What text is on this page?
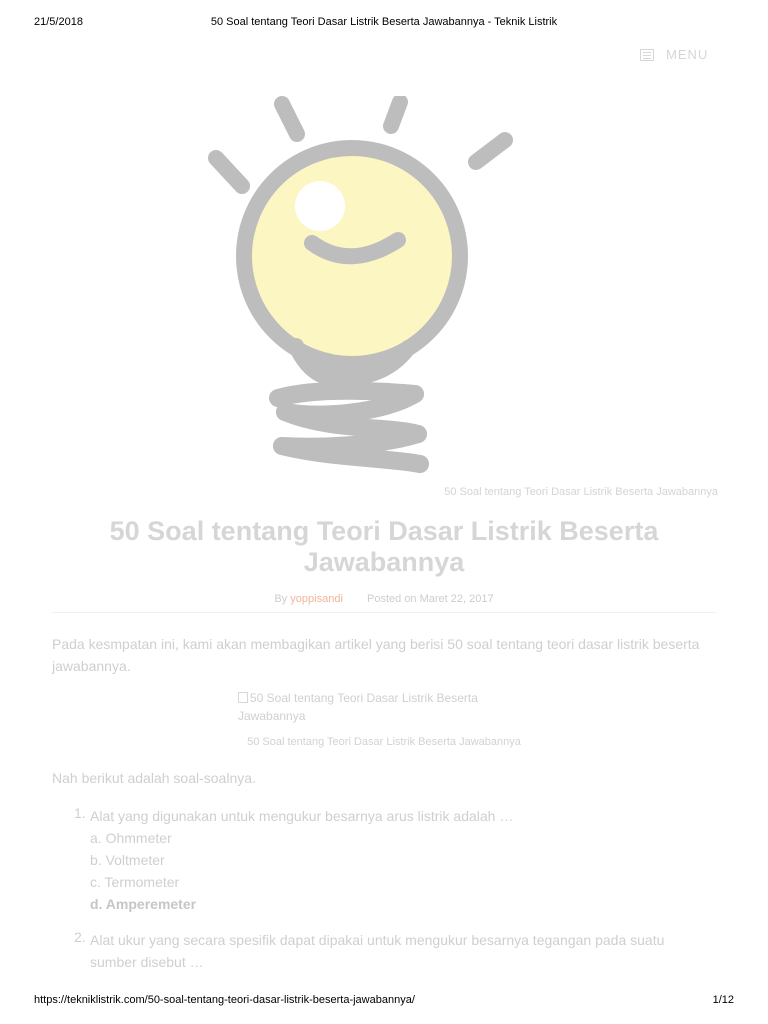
21/5/2018	50 Soal tentang Teori Dasar Listrik Beserta Jawabannya - Teknik Listrik
MENU
50 Soal tentang Teori Dasar Listrik Beserta Jawabannya
50 Soal tentang Teori Dasar Listrik Beserta Jawabannya
By yoppisandi Posted on Maret 22, 2017

Pada kesmpatan ini, kami akan membagikan artikel yang berisi 50 soal tentang teori dasar listrik beserta jawabannya.

50 Soal tentang Teori Dasar Listrik Beserta Jawabannya
50 Soal tentang Teori Dasar Listrik Beserta Jawabannya

Nah berikut adalah soal-soalnya.

1. Alat yang digunakan untuk mengukur besarnya arus listrik adalah …
a. Ohmmeter
b. Voltmeter
c. Termometer
d. Amperemeter
2. Alat ukur yang secara spesifik dapat dipakai untuk mengukur besarnya tegangan pada suatu sumber disebut …
https://tekniklistrik.com/50-soal-tentang-teori-dasar-listrik-beserta-jawabannya/	1/12
